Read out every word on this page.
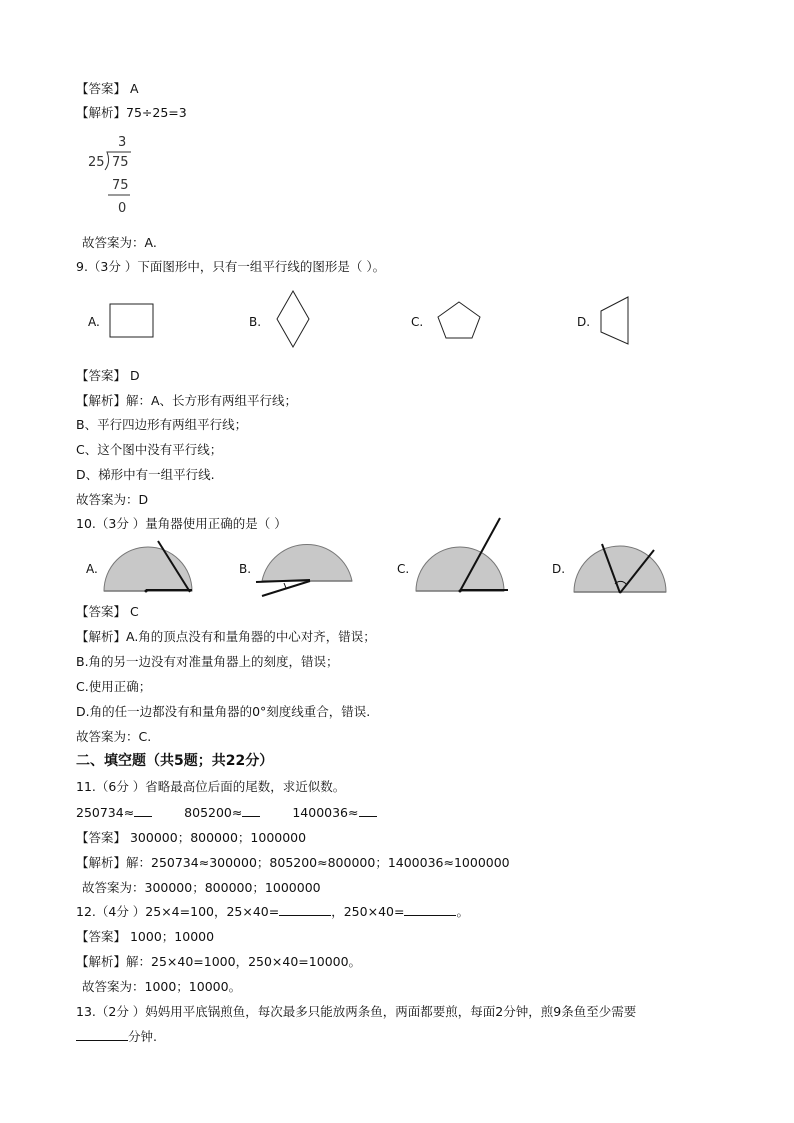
【答案】 A
【解析】75÷25=3
3
25 75
75
0
故答案为：A.
9.（3分 ）下面图形中，只有一组平行线的图形是（ ）。
A.	B.	C.	D.
【答案】 D
【解析】解：A、长方形有两组平行线；
B、平行四边形有两组平行线；
C、这个图中没有平行线；
D、梯形中有一组平行线.
故答案为：D
10.（3分 ）量角器使用正确的是（ ）
A.	B.	C.	D.
【答案】 C
【解析】A.角的顶点没有和量角器的中心对齐，错误；
B.角的另一边没有对准量角器上的刻度，错误；
C.使用正确；
D.角的任一边都没有和量角器的0°刻度线重合，错误.
故答案为：C.
二、填空题（共5题；共22分）
11.（6分 ）省略最高位后面的尾数，求近似数。
250734≈	805200≈	1400036≈
【答案】 300000；800000；1000000
【解析】解：250734≈300000；805200≈800000；1400036≈1000000
故答案为：300000；800000；1000000
12.（4分 ）25×4=100，25×40=	，250×40=	。
【答案】 1000；10000
【解析】解：25×40=1000，250×40=10000。
故答案为：1000；10000。
13.（2分 ）妈妈用平底锅煎鱼，每次最多只能放两条鱼，两面都要煎，每面2分钟，煎9条鱼至少需要
分钟.
